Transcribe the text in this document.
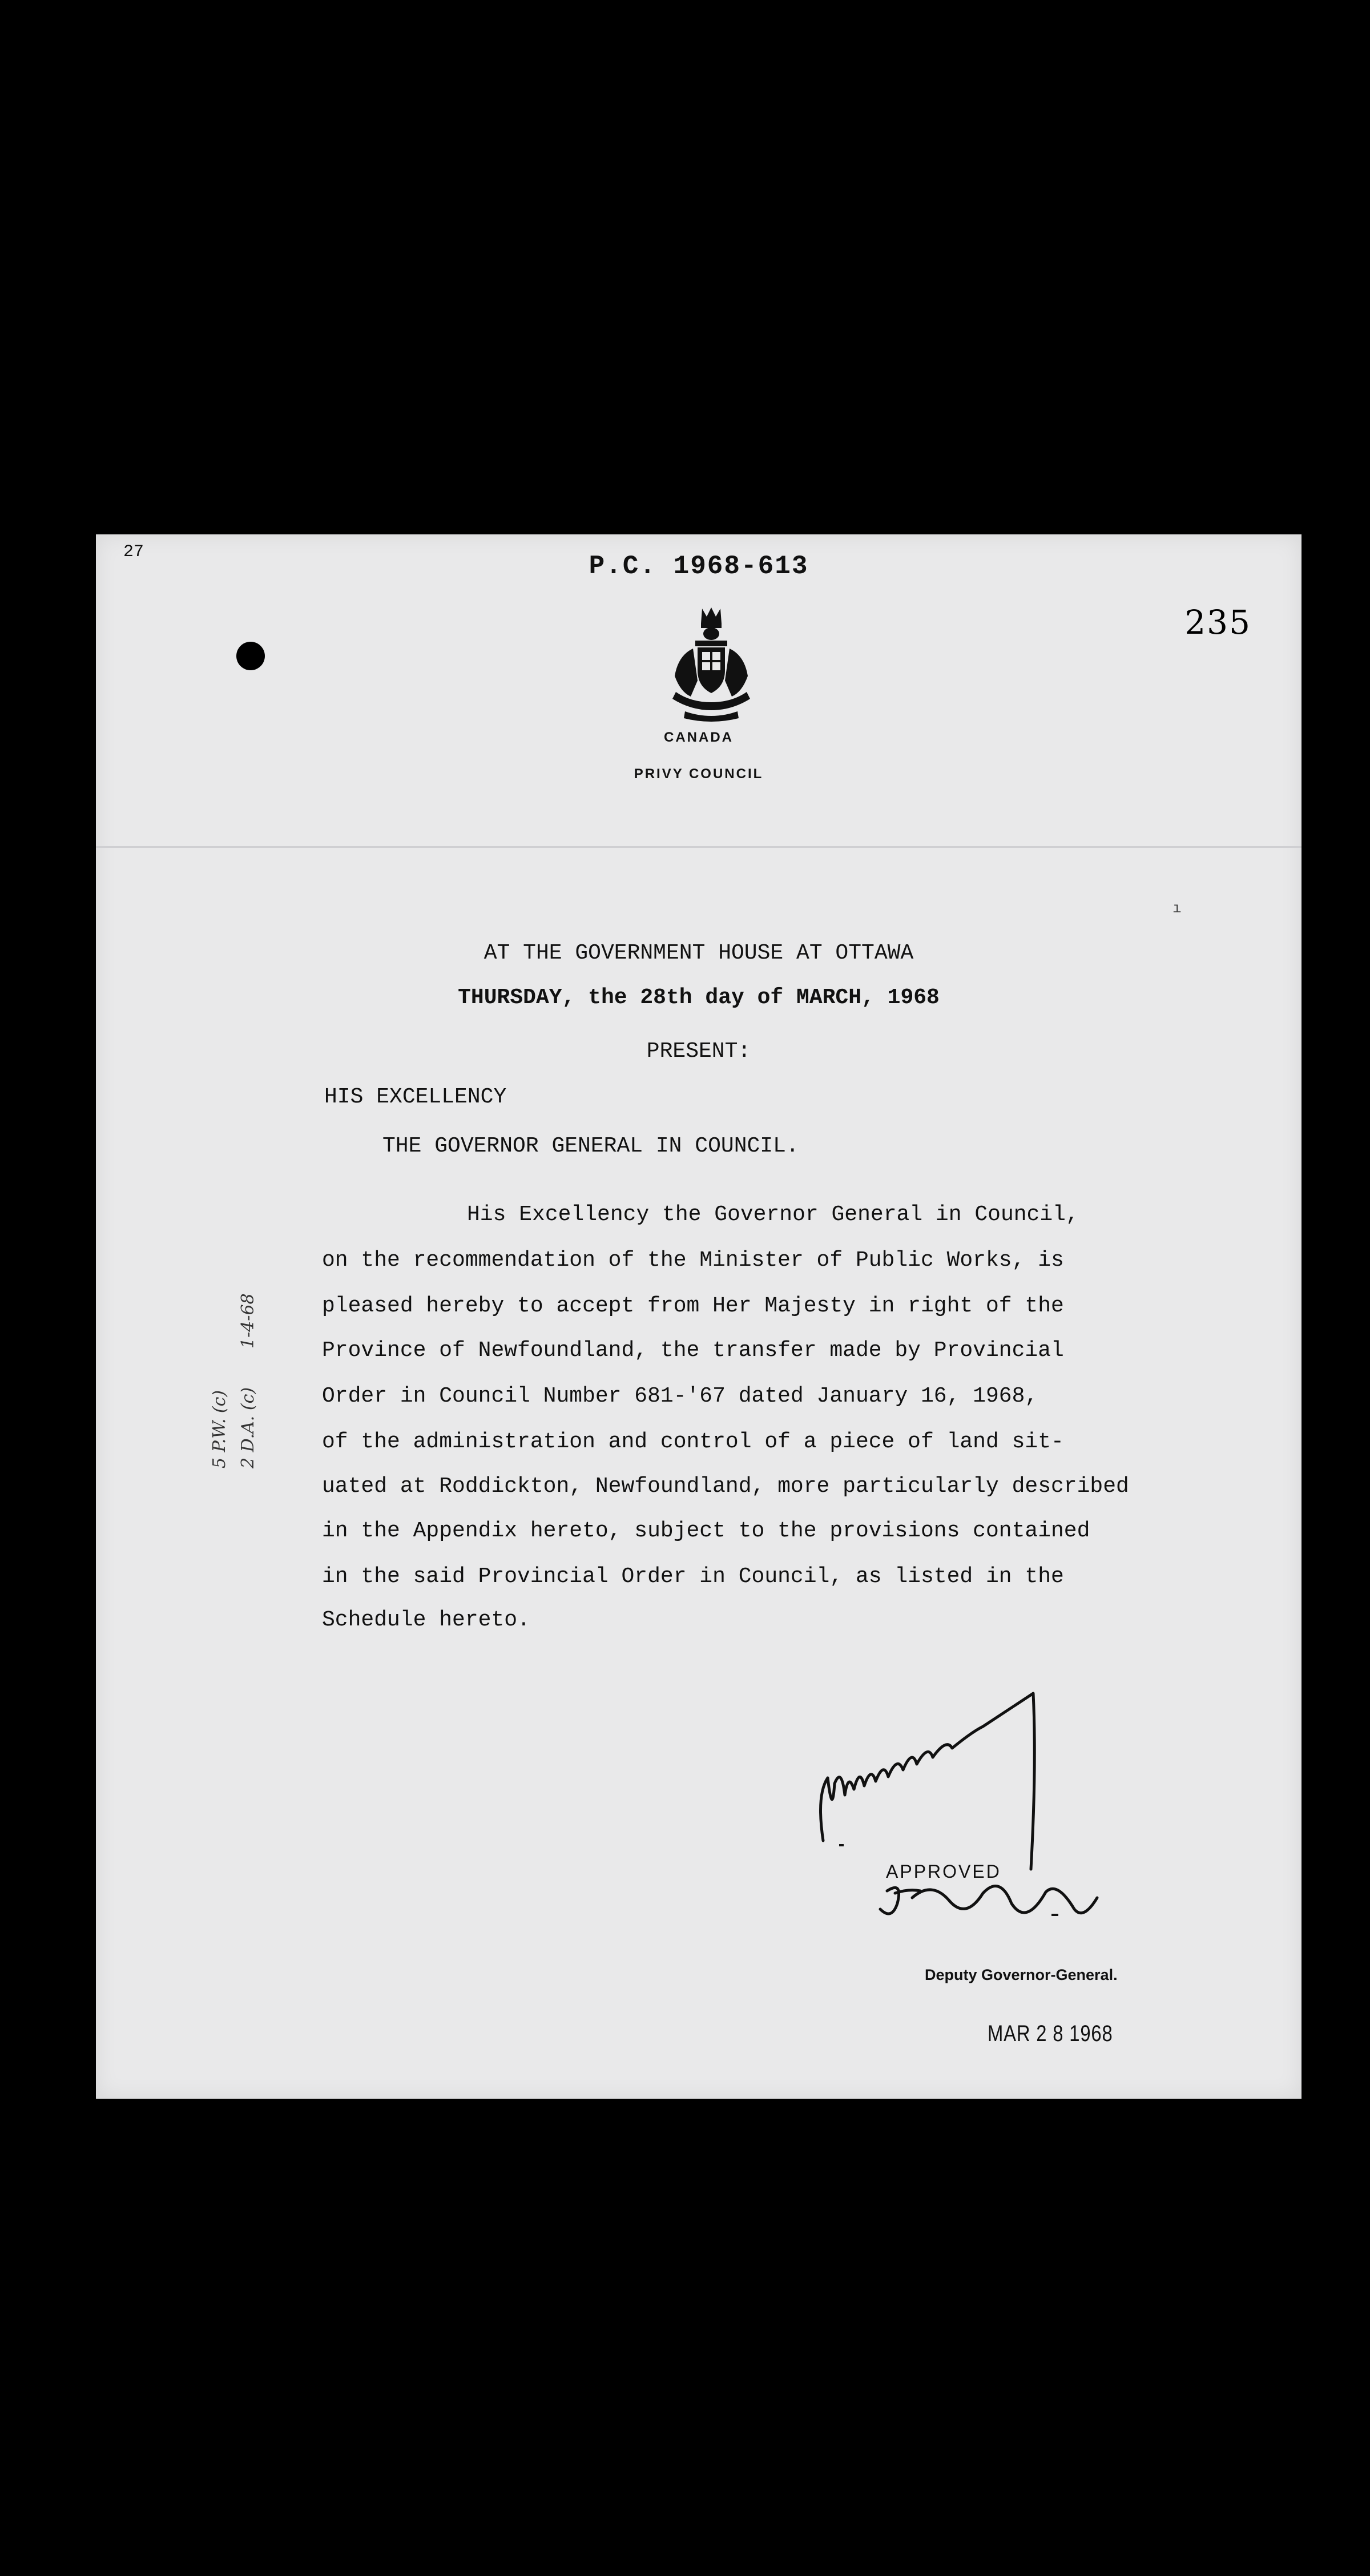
27	P.C. 1968-613
235
CANADA
PRIVY COUNCIL
ı
AT THE GOVERNMENT HOUSE AT OTTAWA
THURSDAY, the 28th day of MARCH, 1968
PRESENT:
HIS EXCELLENCY
THE GOVERNOR GENERAL IN COUNCIL.
His Excellency the Governor General in Council,
on the recommendation of the Minister of Public Works, is
pleased hereby to accept from Her Majesty in right of the
Province of Newfoundland, the transfer made by Provincial
Order in Council Number 681-'67 dated January 16, 1968,
of the administration and control of a piece of land sit-
uated at Roddickton, Newfoundland, more particularly described
in the Appendix hereto, subject to the provisions contained
in the said Provincial Order in Council, as listed in the
Schedule hereto.
5 P.W. (c) 2 D.A. (c)
1-4-68
APPROVED
Deputy Governor-General.
MAR 2 8 1968
